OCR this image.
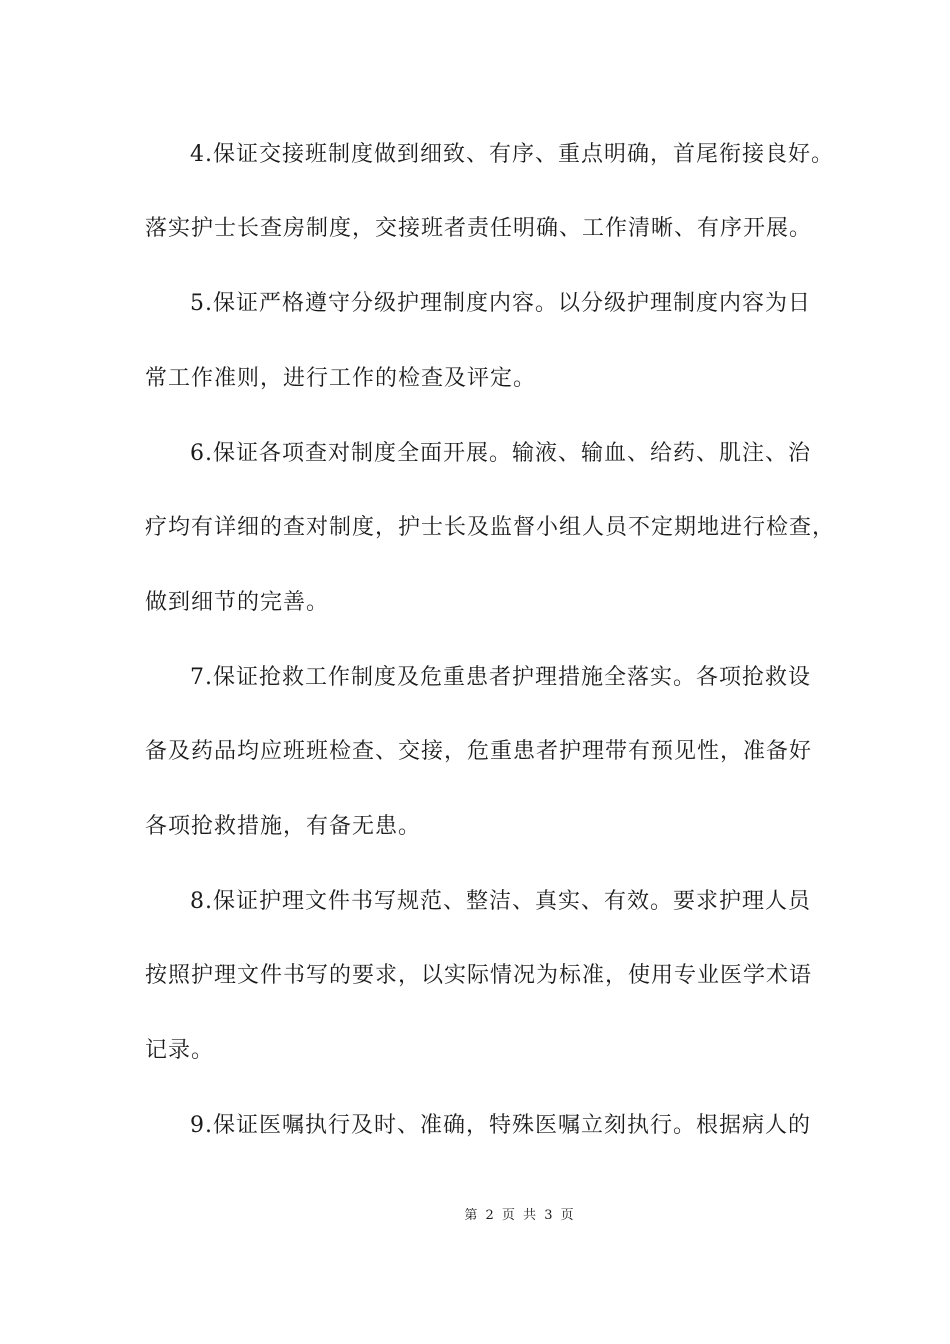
4.保证交接班制度做到细致、有序、重点明确，首尾衔接良好。
落实护士长查房制度，交接班者责任明确、工作清晰、有序开展。
5.保证严格遵守分级护理制度内容。以分级护理制度内容为日
常工作准则，进行工作的检查及评定。
6.保证各项查对制度全面开展。输液、输血、给药、肌注、治
疗均有详细的查对制度，护士长及监督小组人员不定期地进行检查，
做到细节的完善。
7.保证抢救工作制度及危重患者护理措施全落实。各项抢救设
备及药品均应班班检查、交接，危重患者护理带有预见性，准备好
各项抢救措施，有备无患。
8.保证护理文件书写规范、整洁、真实、有效。要求护理人员
按照护理文件书写的要求，以实际情况为标准，使用专业医学术语
记录。
9.保证医嘱执行及时、准确，特殊医嘱立刻执行。根据病人的
第 2 页 共 3 页
